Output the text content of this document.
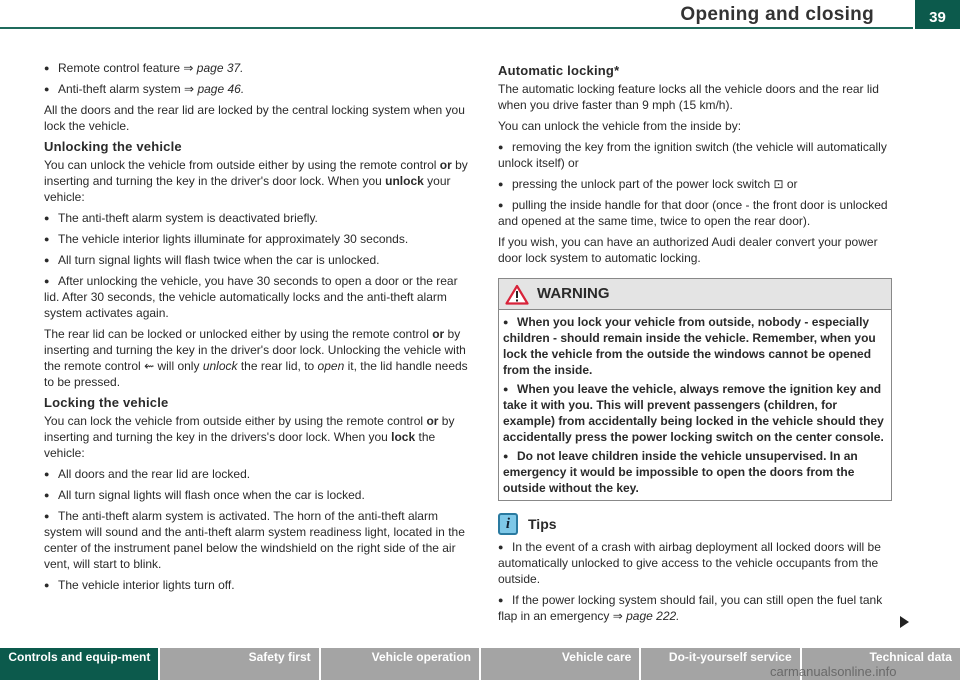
Opening and closing	39
● Remote control feature ⇒ page 37.
● Anti-theft alarm system ⇒ page 46.
All the doors and the rear lid are locked by the central locking system when you lock the vehicle.
Unlocking the vehicle
You can unlock the vehicle from outside either by using the remote control or by inserting and turning the key in the driver's door lock. When you unlock your vehicle:
● The anti-theft alarm system is deactivated briefly.
● The vehicle interior lights illuminate for approximately 30 seconds.
● All turn signal lights will flash twice when the car is unlocked.
● After unlocking the vehicle, you have 30 seconds to open a door or the rear lid. After 30 seconds, the vehicle automatically locks and the anti-theft alarm system activates again.
The rear lid can be locked or unlocked either by using the remote control or by inserting and turning the key in the driver's door lock. Unlocking the vehicle with the remote control ⇜ will only unlock the rear lid, to open it, the lid handle needs to be pressed.
Locking the vehicle
You can lock the vehicle from outside either by using the remote control or by inserting and turning the key in the drivers's door lock. When you lock the vehicle:
● All doors and the rear lid are locked.
● All turn signal lights will flash once when the car is locked.
● The anti-theft alarm system is activated. The horn of the anti-theft alarm system will sound and the anti-theft alarm system readiness light, located in the center of the instrument panel below the windshield on the right side of the air vent, will start to blink.
● The vehicle interior lights turn off.
Automatic locking*
The automatic locking feature locks all the vehicle doors and the rear lid when you drive faster than 9 mph (15 km/h).
You can unlock the vehicle from the inside by:
● removing the key from the ignition switch (the vehicle will automatically unlock itself) or
● pressing the unlock part of the power lock switch ⊡ or
● pulling the inside handle for that door (once - the front door is unlocked and opened at the same time, twice to open the rear door).
If you wish, you can have an authorized Audi dealer convert your power door lock system to automatic locking.
WARNING
● When you lock your vehicle from outside, nobody - especially children - should remain inside the vehicle. Remember, when you lock the vehicle from the outside the windows cannot be opened from the inside.
● When you leave the vehicle, always remove the ignition key and take it with you. This will prevent passengers (children, for example) from accidentally being locked in the vehicle should they accidentally press the power locking switch on the center console.
● Do not leave children inside the vehicle unsupervised. In an emergency it would be impossible to open the doors from the outside without the key.
i	Tips
● In the event of a crash with airbag deployment all locked doors will be automatically unlocked to give access to the vehicle occupants from the outside.
● If the power locking system should fail, you can still open the fuel tank flap in an emergency ⇒ page 222.
Controls and equip-ment	Safety first	Vehicle operation	Vehicle care	Do-it-yourself service	Technical data
carmanualsonline.info
